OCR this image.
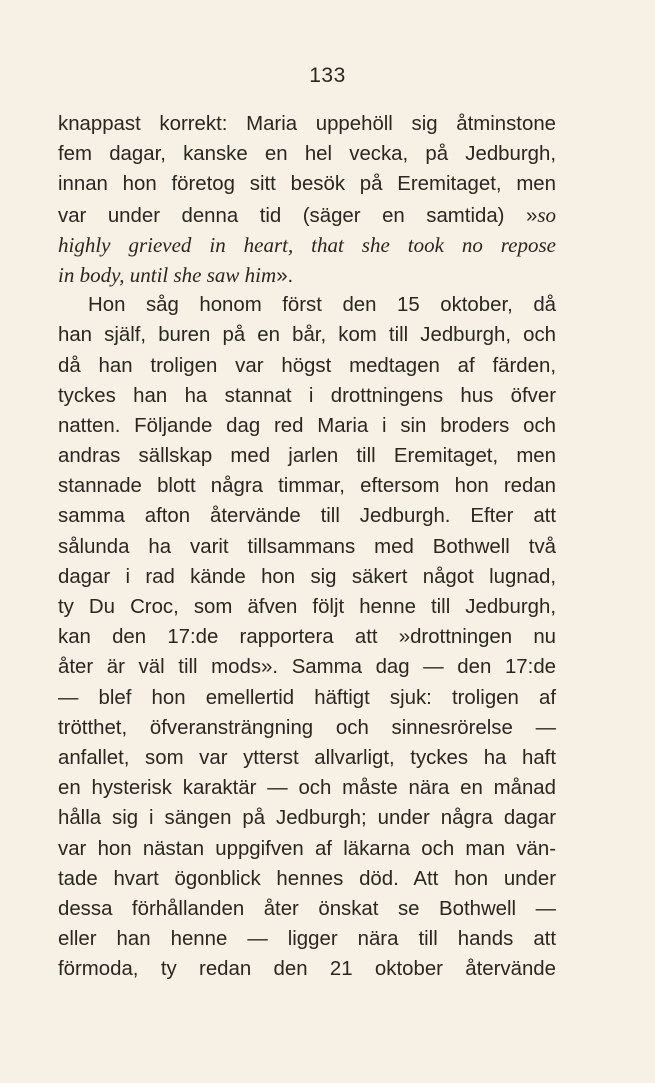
133
knappast korrekt: Maria uppehöll sig åtminstone
fem dagar, kanske en hel vecka, på Jedburgh,
innan hon företog sitt besök på Eremitaget, men
var under denna tid (säger en samtida) »so
highly grieved in heart, that she took no repose
in body, until she saw him».
Hon såg honom först den 15 oktober, då
han själf, buren på en bår, kom till Jedburgh, och
då han troligen var högst medtagen af färden,
tyckes han ha stannat i drottningens hus öfver
natten. Följande dag red Maria i sin broders och
andras sällskap med jarlen till Eremitaget, men
stannade blott några timmar, eftersom hon redan
samma afton återvände till Jedburgh. Efter att
sålunda ha varit tillsammans med Bothwell två
dagar i rad kände hon sig säkert något lugnad,
ty Du Croc, som äfven följt henne till Jedburgh,
kan den 17:de rapportera att »drottningen nu
åter är väl till mods». Samma dag — den 17:de
— blef hon emellertid häftigt sjuk: troligen af
trötthet, öfveransträngning och sinnesrörelse —
anfallet, som var ytterst allvarligt, tyckes ha haft
en hysterisk karaktär — och måste nära en månad
hålla sig i sängen på Jedburgh; under några dagar
var hon nästan uppgifven af läkarna och man vän-
tade hvart ögonblick hennes död. Att hon under
dessa förhållanden åter önskat se Bothwell —
eller han henne — ligger nära till hands att
förmoda, ty redan den 21 oktober återvände
